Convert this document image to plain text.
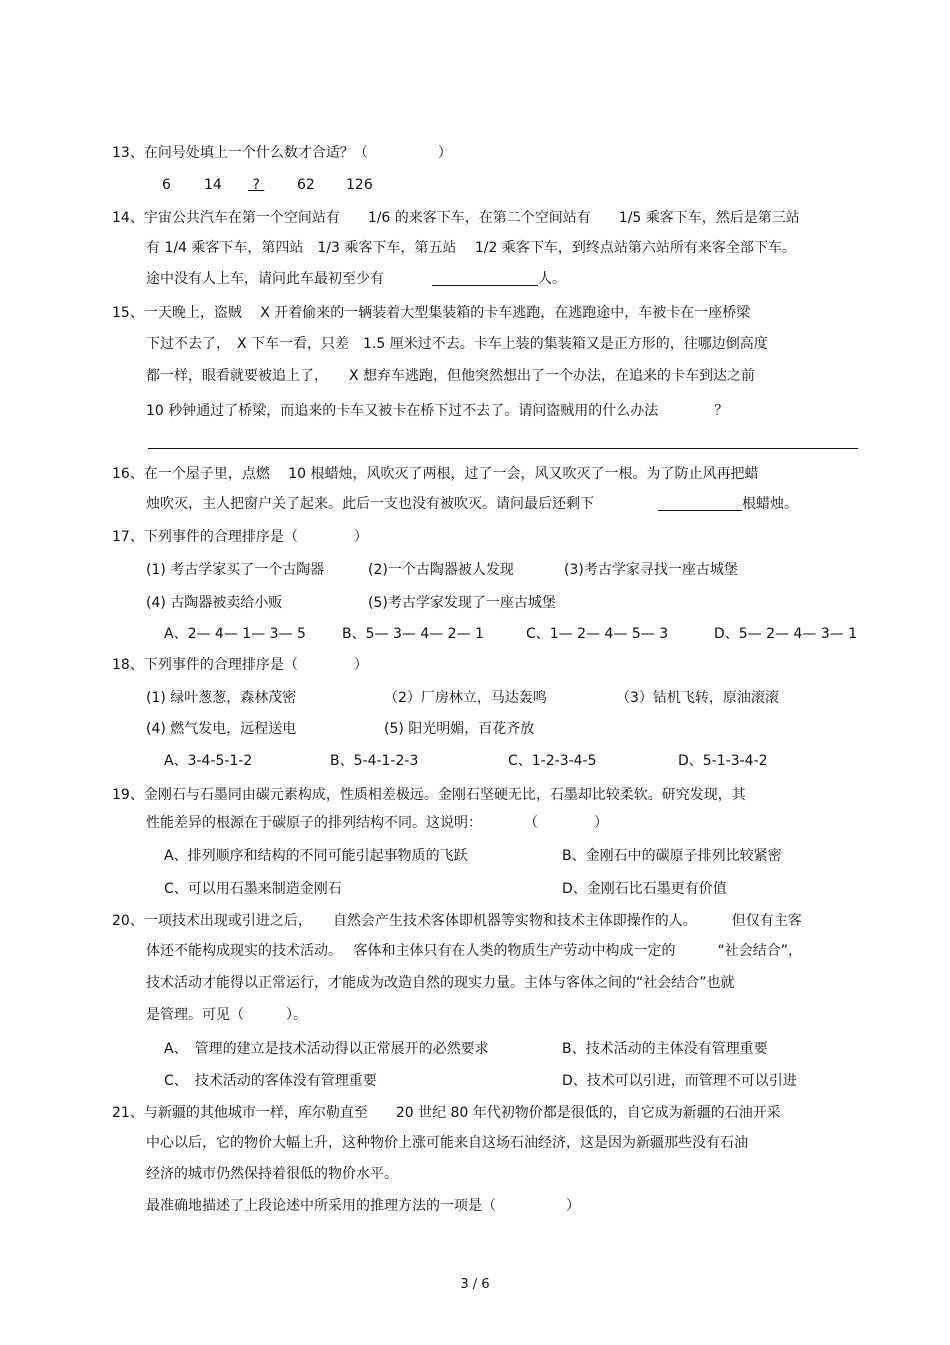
13、在问号处填上一个什么数才合适？（　　　　　）
6 14	?	62 126
14、宇宙公共汽车在第一个空间站有　　1/6 的来客下车，在第二个空间站有　　1/5 乘客下车，然后是第三站
有 1/4 乘客下车，第四站　1/3 乘客下车，第五站　 1/2 乘客下车，到终点站第六站所有来客全部下车。
途中没有人上车，请问此车最初至少有	人。
15、一天晚上，盗贼　 X 开着偷来的一辆装着大型集装箱的卡车逃跑，在逃跑途中，车被卡在一座桥梁
下过不去了，　X 下车一看，只差　1.5 厘米过不去。卡车上装的集装箱又是正方形的，往哪边倒高度
都一样，眼看就要被追上了，　　X 想弃车逃跑，但他突然想出了一个办法，在追来的卡车到达之前
10 秒钟通过了桥梁，而追来的卡车又被卡在桥下过不去了。请问盗贼用的什么办法　　　　？
16、在一个屋子里，点燃　 10 根蜡烛，风吹灭了两根，过了一会，风又吹灭了一根。为了防止风再把蜡
烛吹灭，主人把窗户关了起来。此后一支也没有被吹灭。请问最后还剩下	根蜡烛。
17、下列事件的合理排序是（　　　　）
(1) 考古学家买了一个古陶器	(2)一个古陶器被人发现	(3)考古学家寻找一座古城堡
(4) 古陶器被卖给小贩	(5)考古学家发现了一座古城堡
A、2— 4— 1— 3— 5	B、5— 3— 4— 2— 1	C、1— 2— 4— 5— 3	D、5— 2— 4— 3— 1
18、下列事件的合理排序是（　　　　）
(1) 绿叶葱葱，森林茂密	（2）厂房林立，马达轰鸣	（3）钻机飞转，原油滚滚
(4) 燃气发电，远程送电	(5) 阳光明媚，百花齐放
A、3-4-5-1-2	B、5-4-1-2-3	C、1-2-3-4-5	D、5-1-3-4-2
19、金刚石与石墨同由碳元素构成，性质相差极远。金刚石坚硬无比，石墨却比较柔软。研究发现，其
性能差异的根源在于碳原子的排列结构不同。这说明：　　　　（　　　　）
A、排列顺序和结构的不同可能引起事物质的飞跃	B、金刚石中的碳原子排列比较紧密
C、可以用石墨来制造金刚石	D、金刚石比石墨更有价值
20、一项技术出现或引进之后，　　自然会产生技术客体即机器等实物和技术主体即操作的人。　　　但仅有主客
体还不能构成现实的技术活动。　 客体和主体只有在人类的物质生产劳动中构成一定的　　　“社会结合”，
技术活动才能得以正常运行，才能成为改造自然的现实力量。主体与客体之间的“社会结合”也就
是管理。可见（　　　）。
A、　管理的建立是技术活动得以正常展开的必然要求	B、技术活动的主体没有管理重要
C、　技术活动的客体没有管理重要	D、技术可以引进，而管理不可以引进
21、与新疆的其他城市一样，库尔勒直至　　20 世纪 80 年代初物价都是很低的，自它成为新疆的石油开采
中心以后，它的物价大幅上升，这种物价上涨可能来自这场石油经济，这是因为新疆那些没有石油
经济的城市仍然保持着很低的物价水平。
最准确地描述了上段论述中所采用的推理方法的一项是（　　　　　）
3 / 6
